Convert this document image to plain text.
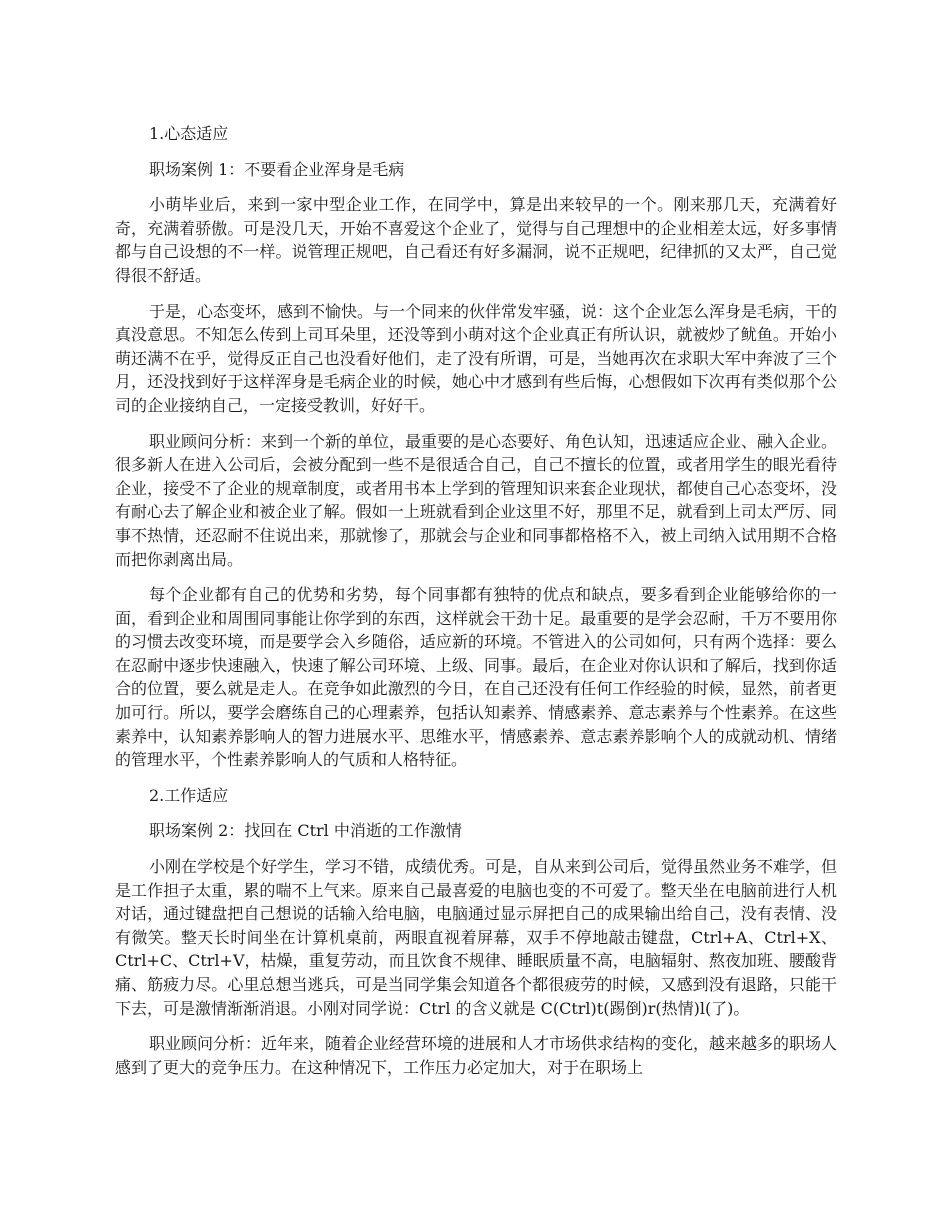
1.心态适应

职场案例 1：不要看企业浑身是毛病

小萌毕业后，来到一家中型企业工作，在同学中，算是出来较早的一个。刚来那几天，充满着好奇，充满着骄傲。可是没几天，开始不喜爱这个企业了，觉得与自己理想中的企业相差太远，好多事情都与自己设想的不一样。说管理正规吧，自己看还有好多漏洞，说不正规吧，纪律抓的又太严，自己觉得很不舒适。

于是，心态变坏，感到不愉快。与一个同来的伙伴常发牢骚，说：这个企业怎么浑身是毛病，干的真没意思。不知怎么传到上司耳朵里，还没等到小萌对这个企业真正有所认识，就被炒了鱿鱼。开始小萌还满不在乎，觉得反正自己也没看好他们，走了没有所谓，可是，当她再次在求职大军中奔波了三个月，还没找到好于这样浑身是毛病企业的时候，她心中才感到有些后悔，心想假如下次再有类似那个公司的企业接纳自己，一定接受教训，好好干。

职业顾问分析：来到一个新的单位，最重要的是心态要好、角色认知，迅速适应企业、融入企业。很多新人在进入公司后，会被分配到一些不是很适合自己，自己不擅长的位置，或者用学生的眼光看待企业，接受不了企业的规章制度，或者用书本上学到的管理知识来套企业现状，都使自己心态变坏，没有耐心去了解企业和被企业了解。假如一上班就看到企业这里不好，那里不足，就看到上司太严厉、同事不热情，还忍耐不住说出来，那就惨了，那就会与企业和同事都格格不入，被上司纳入试用期不合格而把你剥离出局。

每个企业都有自己的优势和劣势，每个同事都有独特的优点和缺点，要多看到企业能够给你的一面，看到企业和周围同事能让你学到的东西，这样就会干劲十足。最重要的是学会忍耐，千万不要用你的习惯去改变环境，而是要学会入乡随俗，适应新的环境。不管进入的公司如何，只有两个选择：要么在忍耐中逐步快速融入，快速了解公司环境、上级、同事。最后，在企业对你认识和了解后，找到你适合的位置，要么就是走人。在竞争如此激烈的今日，在自己还没有任何工作经验的时候，显然，前者更加可行。所以，要学会磨练自己的心理素养，包括认知素养、情感素养、意志素养与个性素养。在这些素养中，认知素养影响人的智力进展水平、思维水平，情感素养、意志素养影响个人的成就动机、情绪的管理水平，个性素养影响人的气质和人格特征。

2.工作适应

职场案例 2：找回在 Ctrl 中消逝的工作激情

小刚在学校是个好学生，学习不错，成绩优秀。可是，自从来到公司后，觉得虽然业务不难学，但是工作担子太重，累的喘不上气来。原来自己最喜爱的电脑也变的不可爱了。整天坐在电脑前进行人机对话，通过键盘把自己想说的话输入给电脑，电脑通过显示屏把自己的成果输出给自己，没有表情、没有微笑。整天长时间坐在计算机桌前，两眼直视着屏幕，双手不停地敲击键盘，Ctrl+A、Ctrl+X、Ctrl+C、Ctrl+V，枯燥，重复劳动，而且饮食不规律、睡眠质量不高，电脑辐射、熬夜加班、腰酸背痛、筋疲力尽。心里总想当逃兵，可是当同学集会知道各个都很疲劳的时候，又感到没有退路，只能干下去，可是激情渐渐消退。小刚对同学说：Ctrl 的含义就是 C(Ctrl)t(踢倒)r(热情)l(了)。

职业顾问分析：近年来，随着企业经营环境的进展和人才市场供求结构的变化，越来越多的职场人感到了更大的竞争压力。在这种情况下，工作压力必定加大，对于在职场上
